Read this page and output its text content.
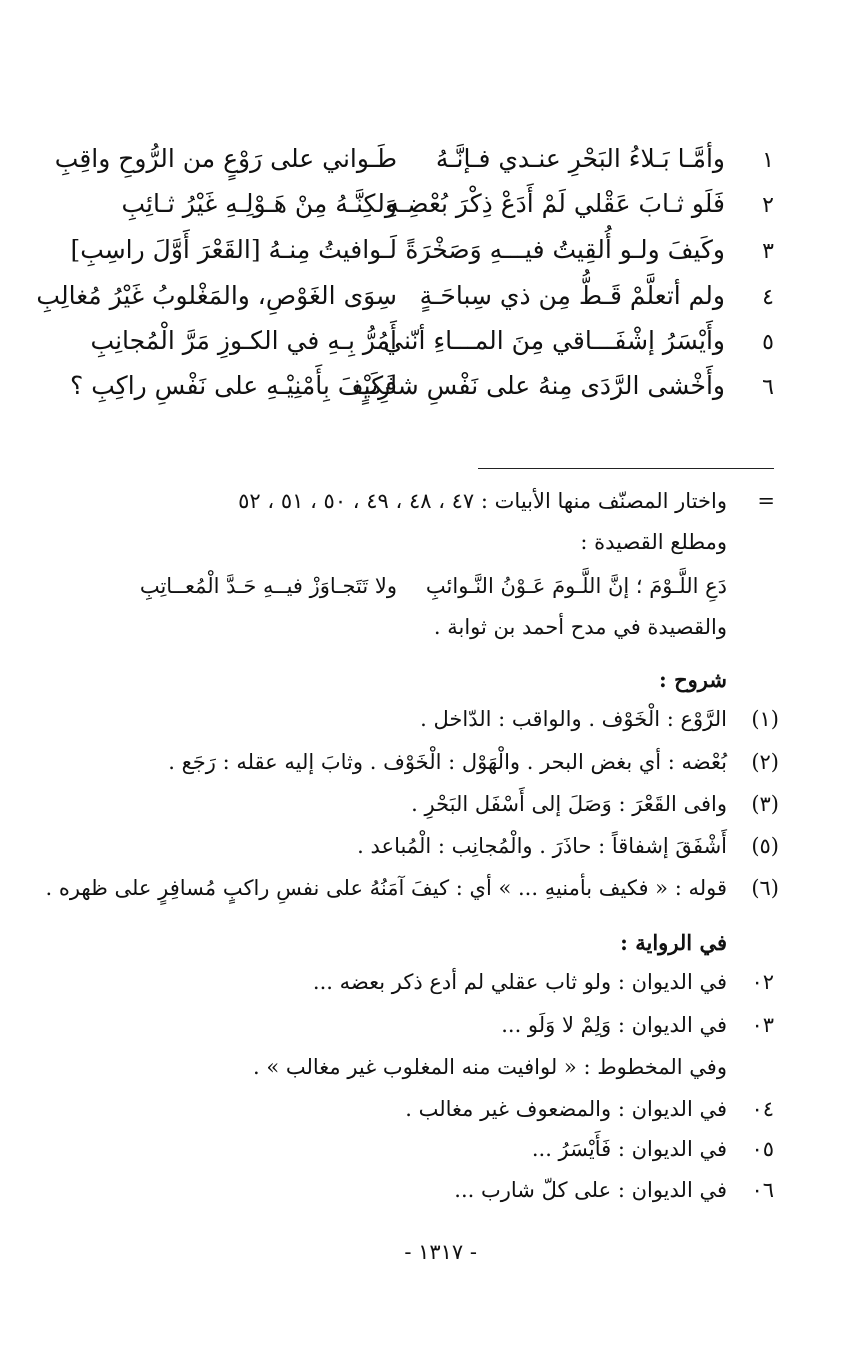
١
وأمَّـا بَـلاءُ البَحْرِ عنـدي فـإنَّـهُ
طَـواني على رَوْعٍ من الرُّوحِ واقِبِ
٢
فَلَو ثـابَ عَقْلي لَمْ أَدَعْ ذِكْرَ بُعْضِـهِ
وَلكِنَّـهُ مِنْ هَـوْلِـهِ غَيْرُ ثـائِبِ
٣
وكَيفَ ولـو أُلقِيتُ فيـــهِ وَصَخْرَةً
لَـوافيتُ مِنـهُ [القَعْرَ أَوَّلَ راسِبِ]
٤
ولم أتعلَّمْ قَـطُّ مِن ذي سِباحَـةٍ
سِوَى الغَوْصِ، والمَغْلوبُ غَيْرُ مُغالِبِ
٥
وأَيْسَرُ إشْفَـــاقي مِنَ المـــاءِ أنّني
أَمُرُّ بِـهِ في الكـوزِ مَرَّ الْمُجانِبِ
٦
وأَخْشى الرَّدَى مِنهُ على نَفْسِ شارِبٍ
فَكَيْفَ بِأَمْنِيْـهِ على نَفْسِ راكِبِ ؟
=
واختار المصنّف منها الأبيات : ٤٧ ، ٤٨ ، ٤٩ ، ٥٠ ، ٥١ ، ٥٢
ومطلع القصيدة :
دَعِ اللَّـوْمَ ؛ إنَّ اللَّـومَ عَـوْنُ النَّـوائبِ
ولا تَتَجـاوَزْ فيــهِ حَـدَّ الْمُعــاتِبِ
والقصيدة في مدح أحمد بن ثوابة .
شروح :
(١)
الرَّوْع : الْخَوْف . والواقب : الدّاخل .
(٢)
بُعْضه : أي بغض البحر . والْهَوْل : الْخَوْف . وثابَ إليه عقله : رَجَع .
(٣)
وافى القَعْرَ : وَصَلَ إلى أَسْفَل البَحْرِ .
(٥)
أَشْفَقَ إشفاقاً : حاذَرَ . والْمُجانِب : الْمُباعد .
(٦)
قوله : « فكيف بأمنيهِ ... » أي : كيفَ آمَنُهُ على نفسِ راكبٍ مُسافِرٍ على ظهره .
في الرواية :
٠٢
في الديوان : ولو ثاب عقلي لم أدع ذكر بعضه ...
٠٣
في الديوان : وَلِمْ لا وَلَو ...
وفي المخطوط : « لوافيت منه المغلوب غير مغالب » .
٠٤
في الديوان : والمضعوف غير مغالب .
٠٥
في الديوان : فَأَيْسَرُ ...
٠٦
في الديوان : على كلّ شارب ...
- ١٣١٧ -
